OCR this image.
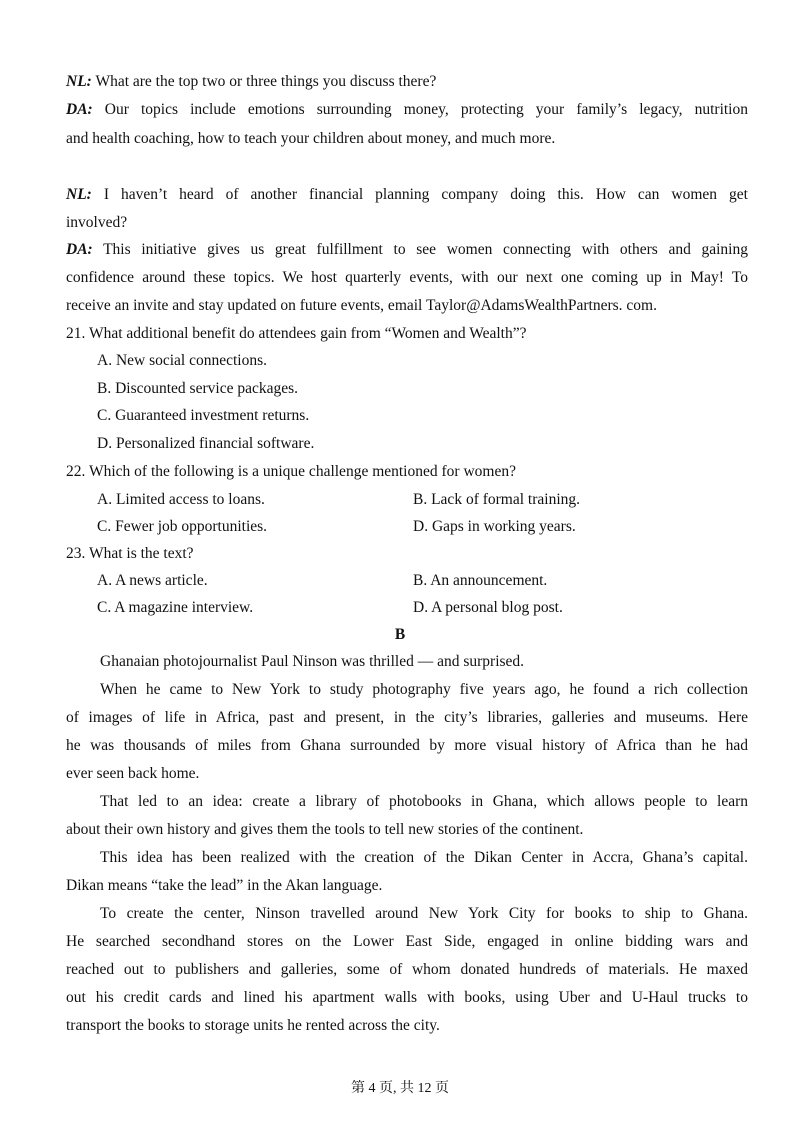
NL: What are the top two or three things you discuss there?
DA: Our topics include emotions surrounding money, protecting your family’s legacy, nutrition
and health coaching, how to teach your children about money, and much more.
NL: I haven’t heard of another financial planning company doing this. How can women get
involved?
DA: This initiative gives us great fulfillment to see women connecting with others and gaining
confidence around these topics. We host quarterly events, with our next one coming up in May! To
receive an invite and stay updated on future events, email Taylor@AdamsWealthPartners. com.
21. What additional benefit do attendees gain from “Women and Wealth”?
A. New social connections.
B. Discounted service packages.
C. Guaranteed investment returns.
D. Personalized financial software.
22. Which of the following is a unique challenge mentioned for women?
A. Limited access to loans.	B. Lack of formal training.
C. Fewer job opportunities.	D. Gaps in working years.
23. What is the text?
A. A news article.	B. An announcement.
C. A magazine interview.	D. A personal blog post.
B
Ghanaian photojournalist Paul Ninson was thrilled — and surprised.
When he came to New York to study photography five years ago, he found a rich collection
of images of life in Africa, past and present, in the city’s libraries, galleries and museums. Here
he was thousands of miles from Ghana surrounded by more visual history of Africa than he had
ever seen back home.
That led to an idea: create a library of photobooks in Ghana, which allows people to learn
about their own history and gives them the tools to tell new stories of the continent.
This idea has been realized with the creation of the Dikan Center in Accra, Ghana’s capital.
Dikan means “take the lead” in the Akan language.
To create the center, Ninson travelled around New York City for books to ship to Ghana.
He searched secondhand stores on the Lower East Side, engaged in online bidding wars and
reached out to publishers and galleries, some of whom donated hundreds of materials. He maxed
out his credit cards and lined his apartment walls with books, using Uber and U-Haul trucks to
transport the books to storage units he rented across the city.
第 4 页, 共 12 页
